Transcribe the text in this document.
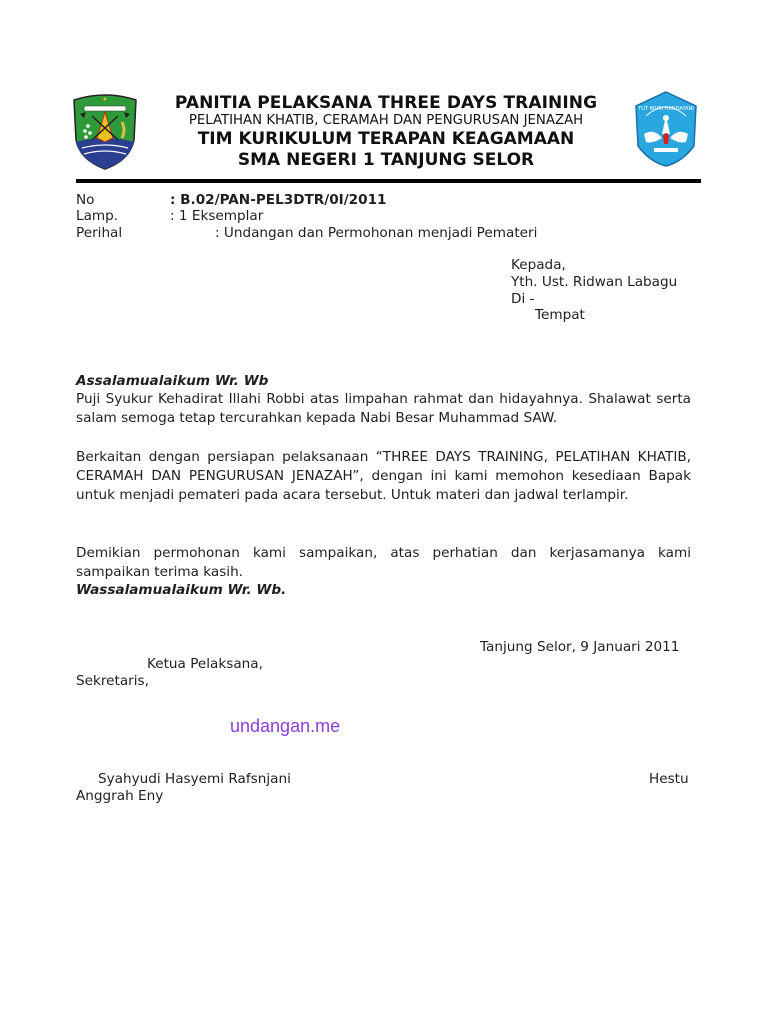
PANITIA PELAKSANA THREE DAYS TRAINING
PELATIHAN KHATIB, CERAMAH DAN PENGURUSAN JENAZAH
TIM KURIKULUM TERAPAN KEAGAMAAN
SMA NEGERI 1 TANJUNG SELOR
TUT WURI HANDAYANI
No	: B.02/PAN-PEL3DTR/0I/2011
Lamp.	: 1 Eksemplar
Perihal	: Undangan dan Permohonan menjadi Pemateri
Kepada,
Yth. Ust. Ridwan Labagu
Di -
Tempat
Assalamualaikum Wr. Wb
Puji Syukur Kehadirat Illahi Robbi atas limpahan rahmat dan hidayahnya. Shalawat serta salam semoga tetap tercurahkan kepada Nabi Besar Muhammad SAW.
Berkaitan dengan persiapan pelaksanaan “THREE DAYS TRAINING, PELATIHAN KHATIB, CERAMAH DAN PENGURUSAN JENAZAH”, dengan ini kami memohon kesediaan Bapak untuk menjadi pemateri pada acara tersebut. Untuk materi dan jadwal terlampir.
Demikian permohonan kami sampaikan, atas perhatian dan kerjasamanya kami sampaikan terima kasih.
Wassalamualaikum Wr. Wb.
Tanjung Selor, 9 Januari 2011
Ketua Pelaksana,
Sekretaris,
undangan.me
Syahyudi Hasyemi Rafsnjani	Hestu
Anggrah Eny
